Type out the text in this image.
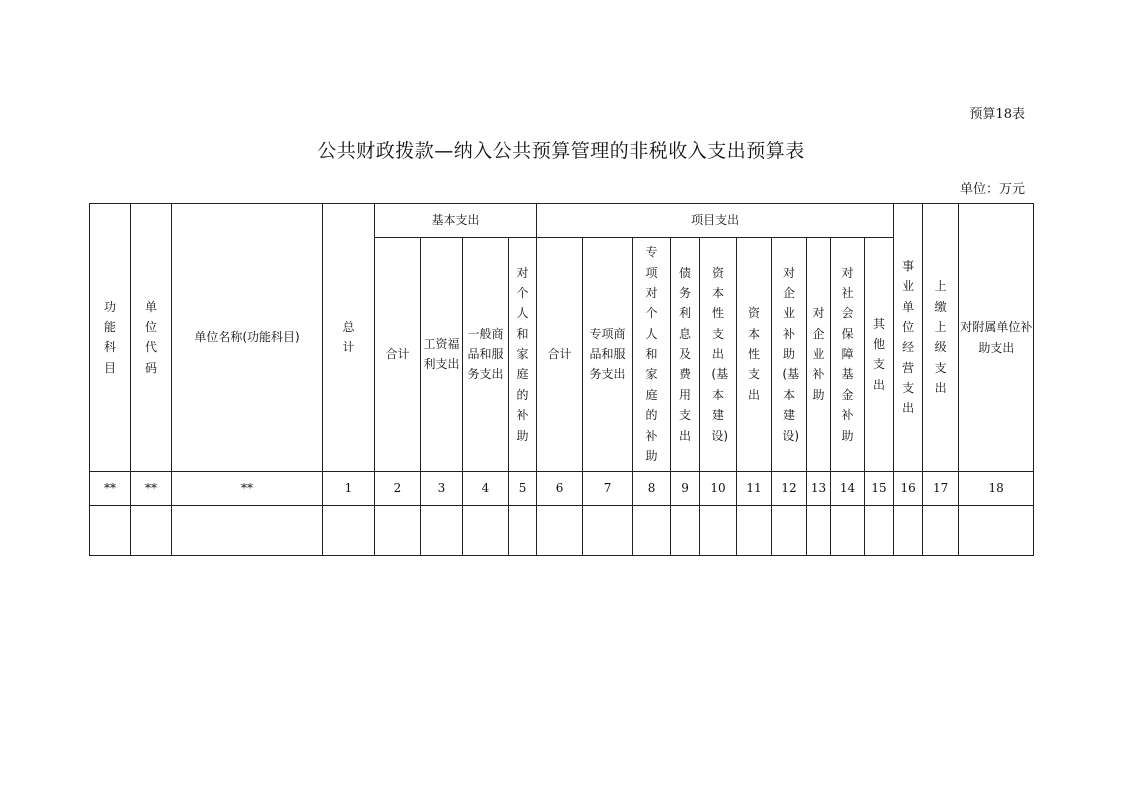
预算18表
公共财政拨款—纳入公共预算管理的非税收入支出预算表
单位：万元
功能科目	单位代码	单位名称(功能科目)	总计	基本支出				项目支出										事业单位经营支出	上缴上级支出	对附属单位补助支出
				合计	工资福利支出	一般商品和服务支出	对个人和家庭的补助	合计	专项商品和服务支出	专项对个人和家庭的补助	债务利息及费用支出	资本性支出(基本建设)	资本性支出	对企业补助(基本建设)	对企业补助	对社会保障基金补助	其他支出			
**	**	**	1	2	3	4	5	6	7	8	9	10	11	12	13	14	15	16	17	18
